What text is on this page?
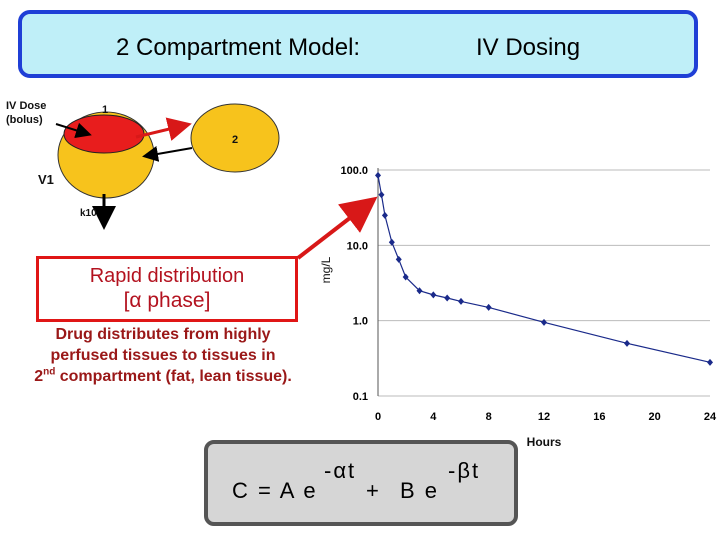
2 Compartment Model:	IV Dosing
IV Dose
(bolus)
1
2
V1
k10
Rapid distribution
[α phase]
Drug distributes from highly
perfused tissues to tissues in
2nd compartment (fat, lean tissue).
100.0
10.0
1.0
0.1
0	4	8	12	16	20	24
mg/L
Hours
C = A e
-αt
+ B e
-βt
